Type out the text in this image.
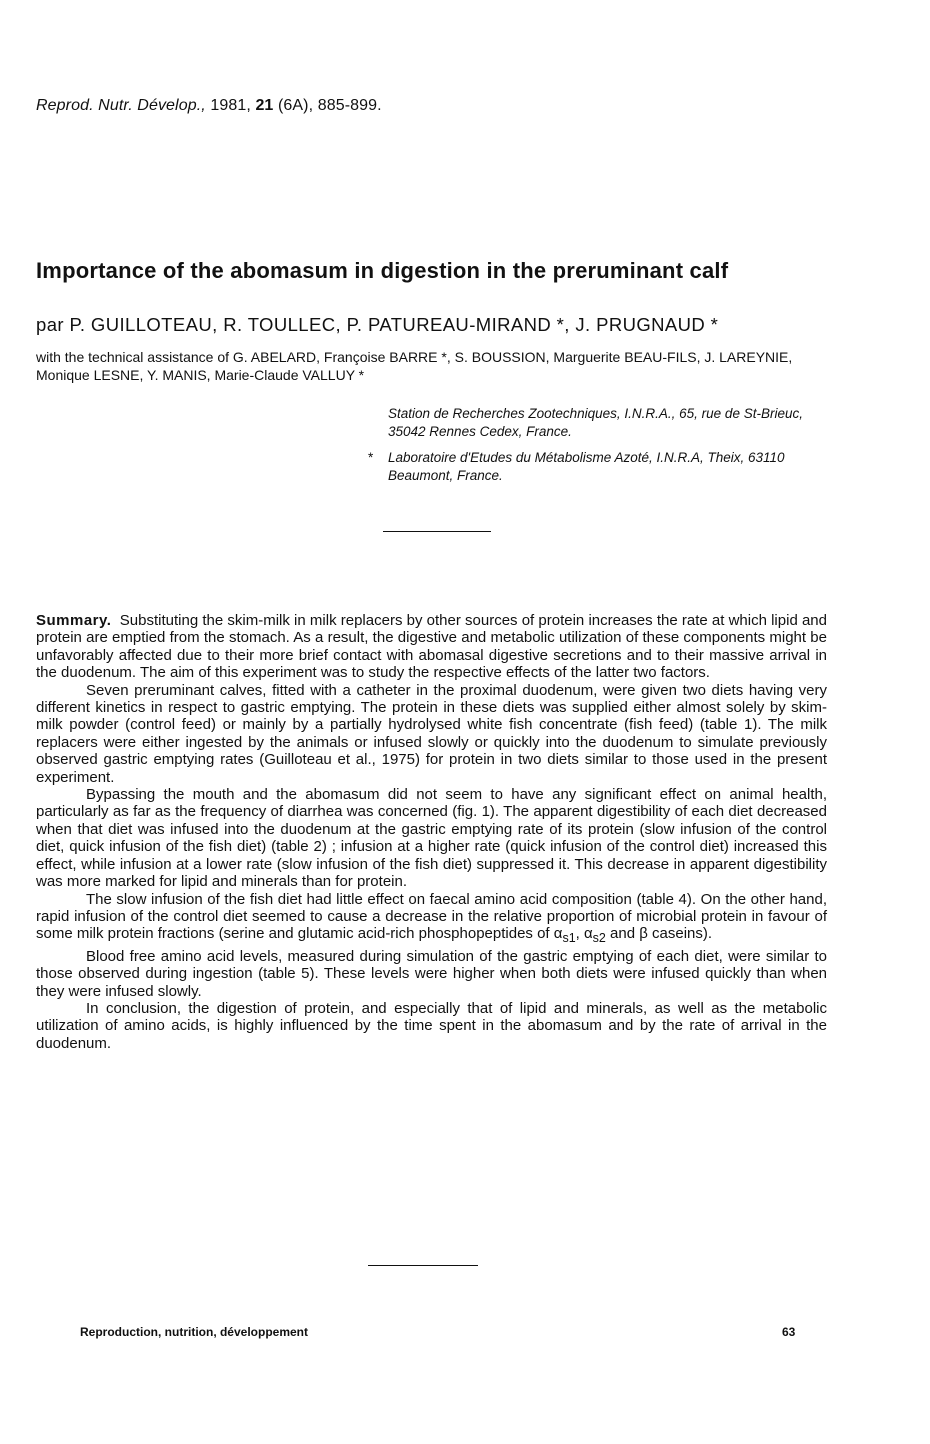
Reprod. Nutr. Dévelop., 1981, 21 (6A), 885-899.
Importance of the abomasum in digestion in the preruminant calf
par P. GUILLOTEAU, R. TOULLEC, P. PATUREAU-MIRAND *, J. PRUGNAUD *
with the technical assistance of G. ABELARD, Françoise BARRE *, S. BOUSSION, Marguerite BEAU-FILS, J. LAREYNIE, Monique LESNE, Y. MANIS, Marie-Claude VALLUY *
Station de Recherches Zootechniques, I.N.R.A., 65, rue de St-Brieuc, 35042 Rennes Cedex, France.
* Laboratoire d'Etudes du Métabolisme Azoté, I.N.R.A, Theix, 63110 Beaumont, France.

Summary. Substituting the skim-milk in milk replacers by other sources of protein increases the rate at which lipid and protein are emptied from the stomach. As a result, the digestive and metabolic utilization of these components might be unfavorably affected due to their more brief contact with abomasal digestive secretions and to their massive arrival in the duodenum. The aim of this experiment was to study the respective effects of the latter two factors.

Seven preruminant calves, fitted with a catheter in the proximal duodenum, were given two diets having very different kinetics in respect to gastric emptying. The protein in these diets was supplied either almost solely by skim-milk powder (control feed) or mainly by a partially hydrolysed white fish concentrate (fish feed) (table 1). The milk replacers were either ingested by the animals or infused slowly or quickly into the duodenum to simulate previously observed gastric emptying rates (Guilloteau et al., 1975) for protein in two diets similar to those used in the present experiment.

Bypassing the mouth and the abomasum did not seem to have any significant effect on animal health, particularly as far as the frequency of diarrhea was concerned (fig. 1). The apparent digestibility of each diet decreased when that diet was infused into the duodenum at the gastric emptying rate of its protein (slow infusion of the control diet, quick infusion of the fish diet) (table 2) ; infusion at a higher rate (quick infusion of the control diet) increased this effect, while infusion at a lower rate (slow infusion of the fish diet) suppressed it. This decrease in apparent digestibility was more marked for lipid and minerals than for protein.

The slow infusion of the fish diet had little effect on faecal amino acid composition (table 4). On the other hand, rapid infusion of the control diet seemed to cause a decrease in the relative proportion of microbial protein in favour of some milk protein fractions (serine and glutamic acid-rich phosphopeptides of $\alpha_{s1}$, $\alpha_{s2}$ and β caseins).

Blood free amino acid levels, measured during simulation of the gastric emptying of each diet, were similar to those observed during ingestion (table 5). These levels were higher when both diets were infused quickly than when they were infused slowly.

In conclusion, the digestion of protein, and especially that of lipid and minerals, as well as the metabolic utilization of amino acids, is highly influenced by the time spent in the abomasum and by the rate of arrival in the duodenum.

Reproduction, nutrition, développement	63
